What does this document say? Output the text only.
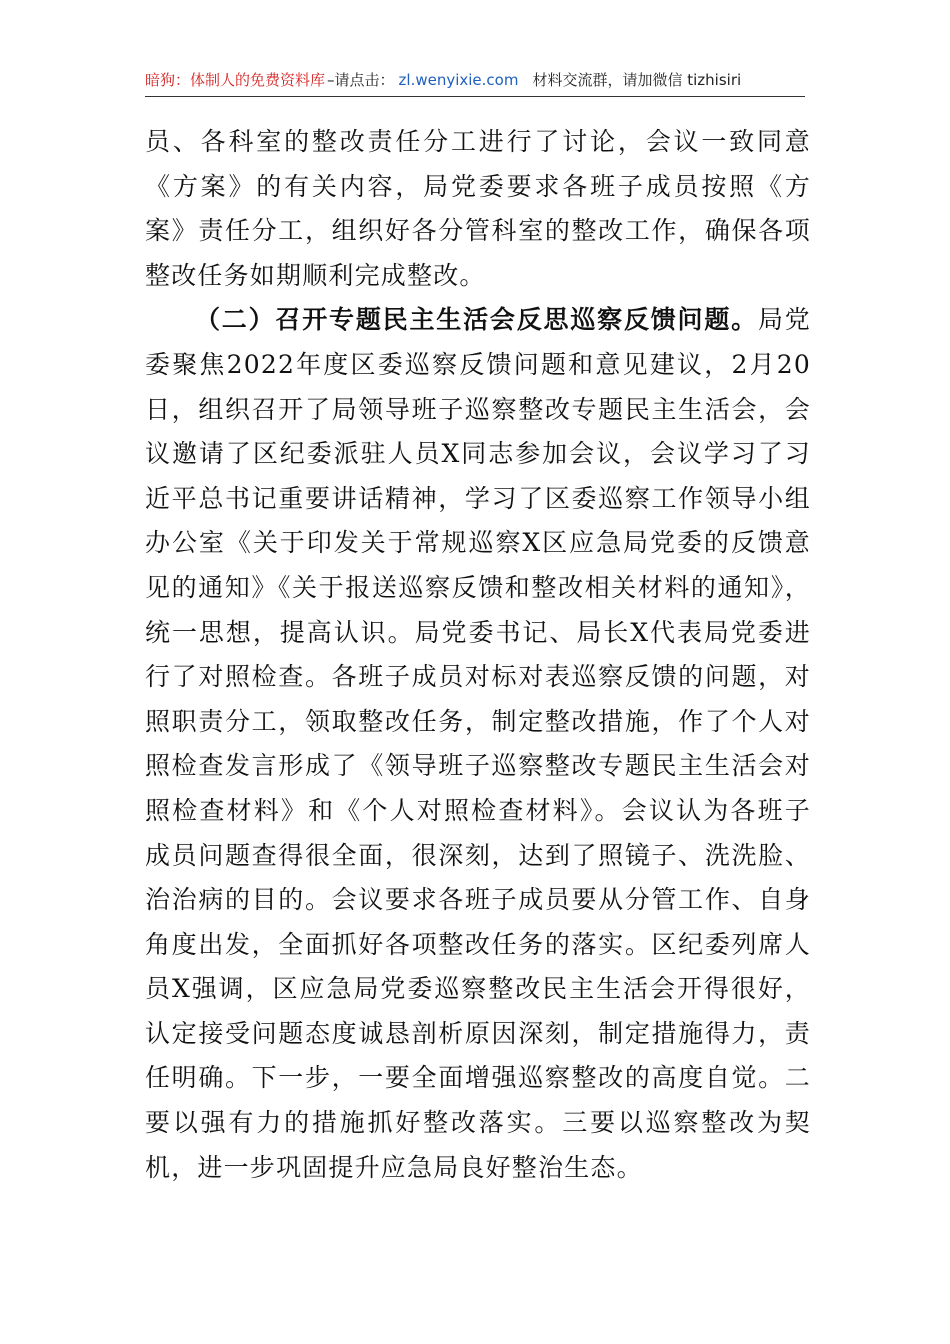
暗狗：体制人的免费资料库 –请点击： zl.wenyixie.com 材料交流群，请加微信 tizhisiri

员、各科室的整改责任分工进行了讨论，会议一致同意《方案》的有关内容，局党委要求各班子成员按照《方案》责任分工，组织好各分管科室的整改工作，确保各项整改任务如期顺利完成整改。

（二）召开专题民主生活会反思巡察反馈问题。局党委聚焦2022年度区委巡察反馈问题和意见建议，2月20日，组织召开了局领导班子巡察整改专题民主生活会，会议邀请了区纪委派驻人员X同志参加会议，会议学习了习近平总书记重要讲话精神，学习了区委巡察工作领导小组办公室《关于印发关于常规巡察X区应急局党委的反馈意见的通知》《关于报送巡察反馈和整改相关材料的通知》，统一思想，提高认识。局党委书记、局长X代表局党委进行了对照检查。各班子成员对标对表巡察反馈的问题，对照职责分工，领取整改任务，制定整改措施，作了个人对照检查发言形成了《领导班子巡察整改专题民主生活会对照检查材料》和《个人对照检查材料》。会议认为各班子成员问题查得很全面，很深刻，达到了照镜子、洗洗脸、治治病的目的。会议要求各班子成员要从分管工作、自身角度出发，全面抓好各项整改任务的落实。区纪委列席人员X强调，区应急局党委巡察整改民主生活会开得很好，认定接受问题态度诚恳剖析原因深刻，制定措施得力，责任明确。下一步，一要全面增强巡察整改的高度自觉。二要以强有力的措施抓好整改落实。三要以巡察整改为契机，进一步巩固提升应急局良好整治生态。
